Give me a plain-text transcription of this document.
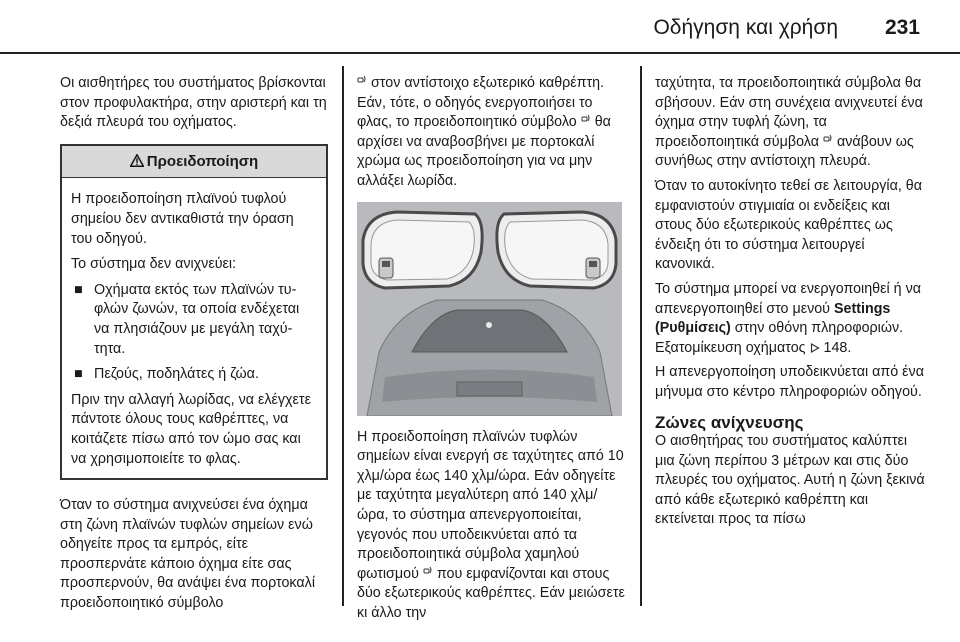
Οδήγηση και χρήση 231

Οι αισθητήρες του συστήματος βρίσκονται στον προφυλακτήρα, στην αριστερή και τη δεξιά πλευρά του οχήματος.

Προειδοποίηση

Η προειδοποίηση πλαϊνού τυφλού σημείου δεν αντικαθιστά την όραση του οδηγού.

Το σύστημα δεν ανιχνεύει:

■ Οχήματα εκτός των πλαϊνών τυφλών ζωνών, τα οποία ενδέχεται να πλησιάζουν με μεγάλη ταχύτητα.
■ Πεζούς, ποδηλάτες ή ζώα.

Πριν την αλλαγή λωρίδας, να ελέγχετε πάντοτε όλους τους καθρέπτες, να κοιτάζετε πίσω από τον ώμο σας και να χρησιμοποιείτε το φλας.

Όταν το σύστημα ανιχνεύσει ένα όχημα στη ζώνη πλαϊνών τυφλών σημείων ενώ οδηγείτε προς τα εμπρός, είτε προσπερνάτε κάποιο όχημα είτε σας προσπερνούν, θα ανάψει ένα πορτοκαλί προειδοποιητικό σύμβολο

στον αντίστοιχο εξωτερικό καθρέπτη. Εάν, τότε, ο οδηγός ενεργοποιήσει το φλας, το προειδοποιητικό σύμβολο θα αρχίσει να αναβοσβήνει με πορτοκαλί χρώμα ως προειδοποίηση για να μην αλλάξει λωρίδα.

Η προειδοποίηση πλαϊνών τυφλών σημείων είναι ενεργή σε ταχύτητες από 10 χλμ/ώρα έως 140 χλμ/ώρα. Εάν οδηγείτε με ταχύτητα μεγαλύτερη από 140 χλμ/ώρα, το σύστημα απενεργοποιείται, γεγονός που υποδεικνύεται από τα προειδοποιητικά σύμβολα χαμηλού φωτισμού που εμφανίζονται και στους δύο εξωτερικούς καθρέπτες. Εάν μειώσετε κι άλλο την

ταχύτητα, τα προειδοποιητικά σύμβολα θα σβήσουν. Εάν στη συνέχεια ανιχνευτεί ένα όχημα στην τυφλή ζώνη, τα προειδοποιητικά σύμβολα ανάβουν ως συνήθως στην αντίστοιχη πλευρά.

Όταν το αυτοκίνητο τεθεί σε λειτουργία, θα εμφανιστούν στιγμιαία οι ενδείξεις και στους δύο εξωτερικούς καθρέπτες ως ένδειξη ότι το σύστημα λειτουργεί κανονικά.

Το σύστημα μπορεί να ενεργοποιηθεί ή να απενεργοποιηθεί στο μενού Settings (Ρυθμίσεις) στην οθόνη πληροφοριών. Εξατομίκευση οχήματος 148.

Η απενεργοποίηση υποδεικνύεται από ένα μήνυμα στο κέντρο πληροφοριών οδηγού.

Ζώνες ανίχνευσης

Ο αισθητήρας του συστήματος καλύπτει μια ζώνη περίπου 3 μέτρων και στις δύο πλευρές του οχήματος. Αυτή η ζώνη ξεκινά από κάθε εξωτερικό καθρέπτη και εκτείνεται προς τα πίσω
